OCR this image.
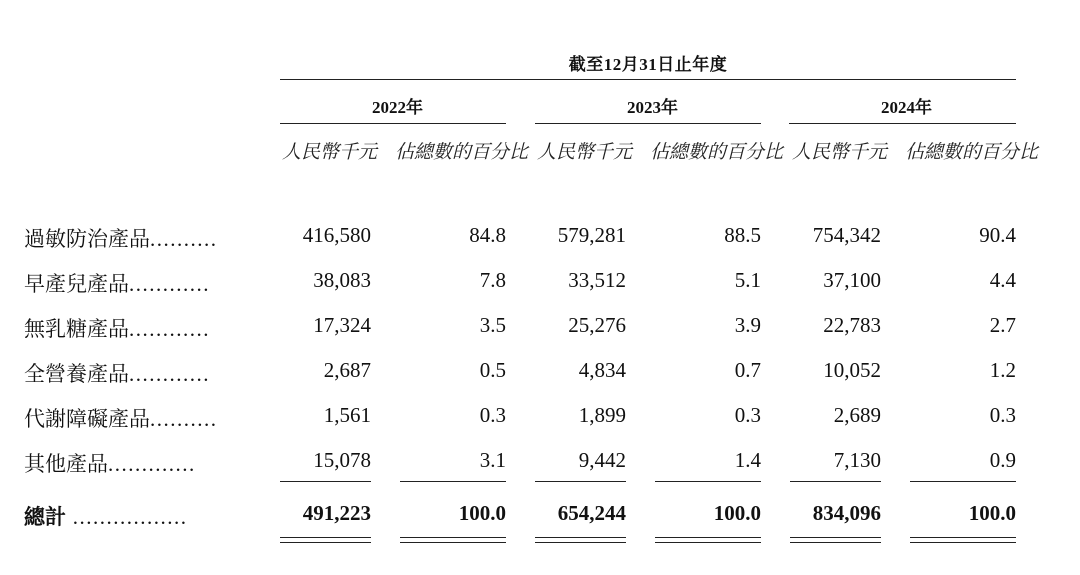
截至12月31日止年度
2022年	2023年	2024年
人民幣千元 佔總數的百分比 人民幣千元 佔總數的百分比 人民幣千元 佔總數的百分比
過敏防治產品..........	416,580	84.8 579,281	88.5 754,342	90.4
早產兒產品............	38,083	7.8	33,512	5.1	37,100	4.4
無乳糖產品............	17,324	3.5	25,276	3.9	22,783	2.7
全營養產品............	2,687	0.5	4,834	0.7	10,052	1.2
代謝障礙產品..........	1,561	0.3	1,899	0.3	2,689	0.3
其他產品.............	15,078	3.1	9,442	1.4	7,130	0.9
總計 .................	491,223	100.0 654,244	100.0 834,096	100.0
